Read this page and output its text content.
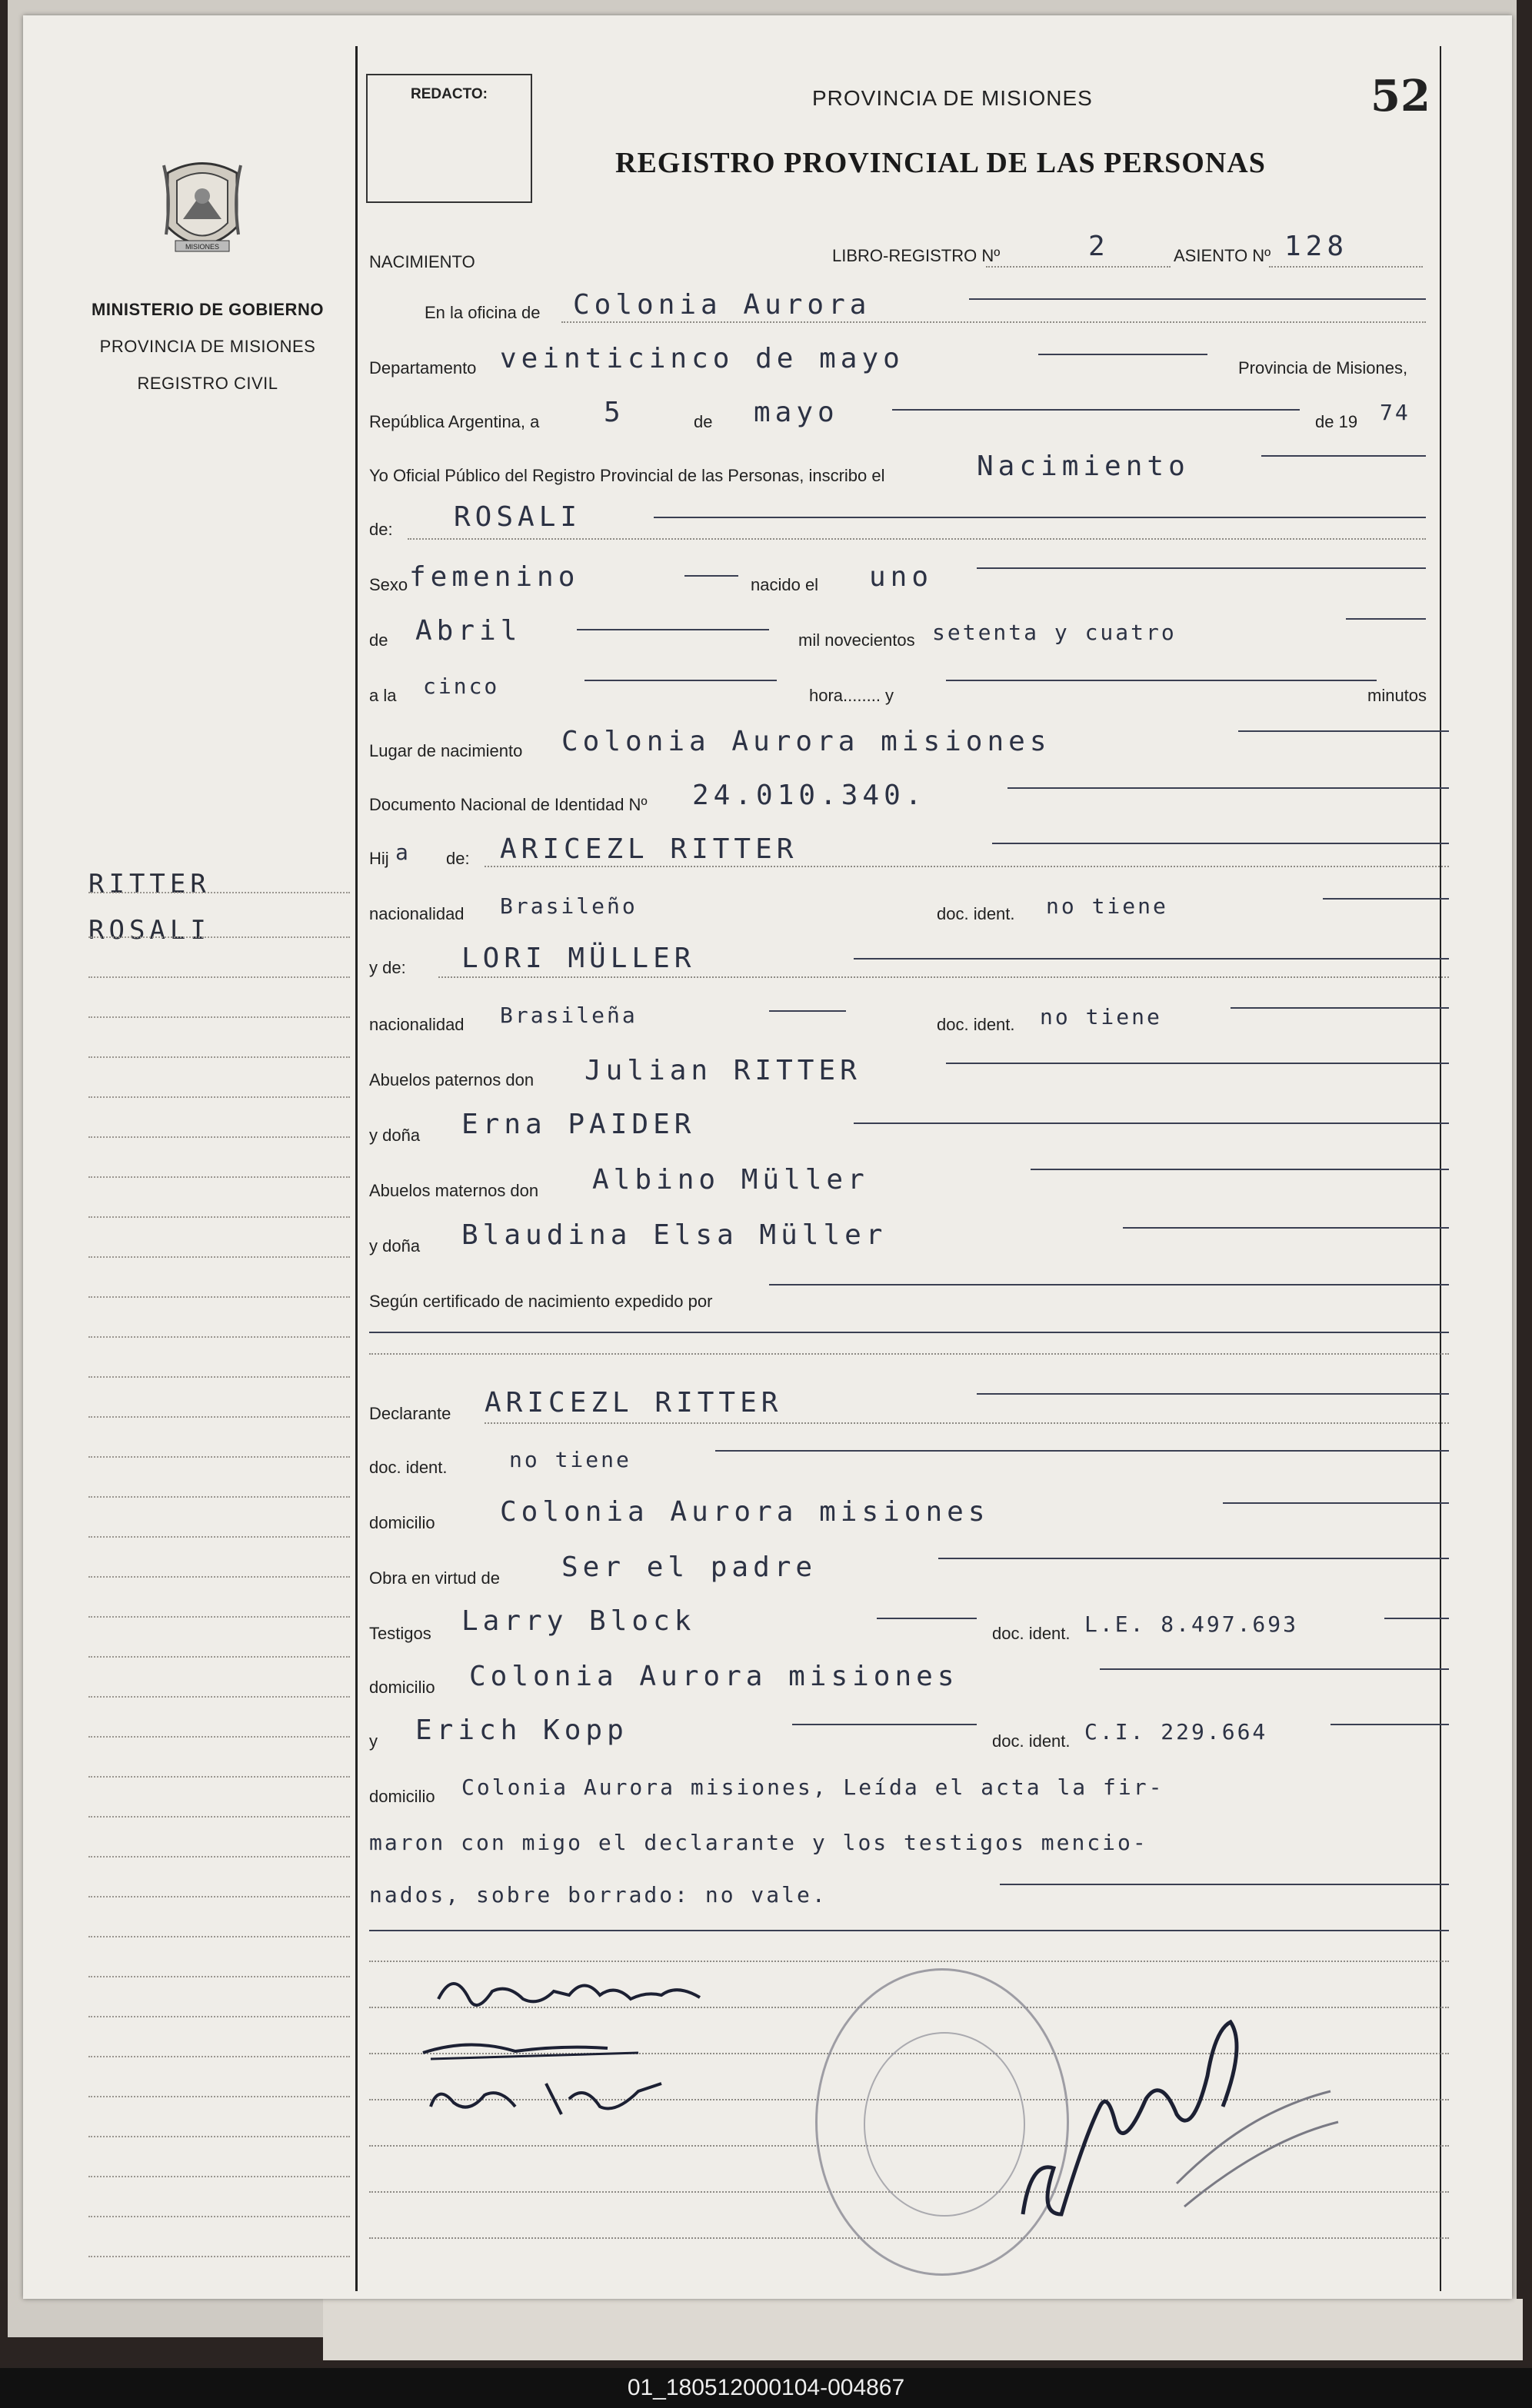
MISIONES
MINISTERIO DE GOBIERNO
PROVINCIA DE MISIONES
REGISTRO CIVIL
RITTER
ROSALI
REDACTO:	52
PROVINCIA DE MISIONES
REGISTRO PROVINCIAL DE LAS PERSONAS
NACIMIENTO	LIBRO-REGISTRO Nº	2	ASIENTO Nº 128
En la oficina de Colonia Aurora
Departamento veinticinco de mayo	Provincia de Misiones,
República Argentina, a 5	de mayo	de 19 74
Yo Oficial Público del Registro Provincial de las Personas, inscribo el	Nacimiento
de: ROSALI
Sexo femenino	nacido el uno
de Abril	mil novecientos setenta y cuatro
a la cinco	hora........ y	minutos
Lugar de nacimiento Colonia Aurora misiones
Documento Nacional de Identidad Nº 24.010.340.
Hij a de: ARICEZL RITTER
nacionalidad Brasileño	doc. ident. no tiene
y de: LORI MÜLLER
nacionalidad Brasileña	doc. ident. no tiene
Abuelos paternos don Julian RITTER
y doña Erna PAIDER
Abuelos maternos don Albino Müller
y doña Blaudina Elsa Müller
Según certificado de nacimiento expedido por
Declarante ARICEZL RITTER
doc. ident.	no tiene
domicilio Colonia Aurora misiones
Obra en virtud de Ser el padre
Testigos Larry Block	doc. ident. L.E. 8.497.693
domicilio Colonia Aurora misiones
y Erich Kopp	doc. ident. C.I. 229.664
domicilio Colonia Aurora misiones, Leída el acta la fir-
maron con migo el declarante y los testigos mencio-
nados, sobre borrado: no vale.
01_180512000104-004867
